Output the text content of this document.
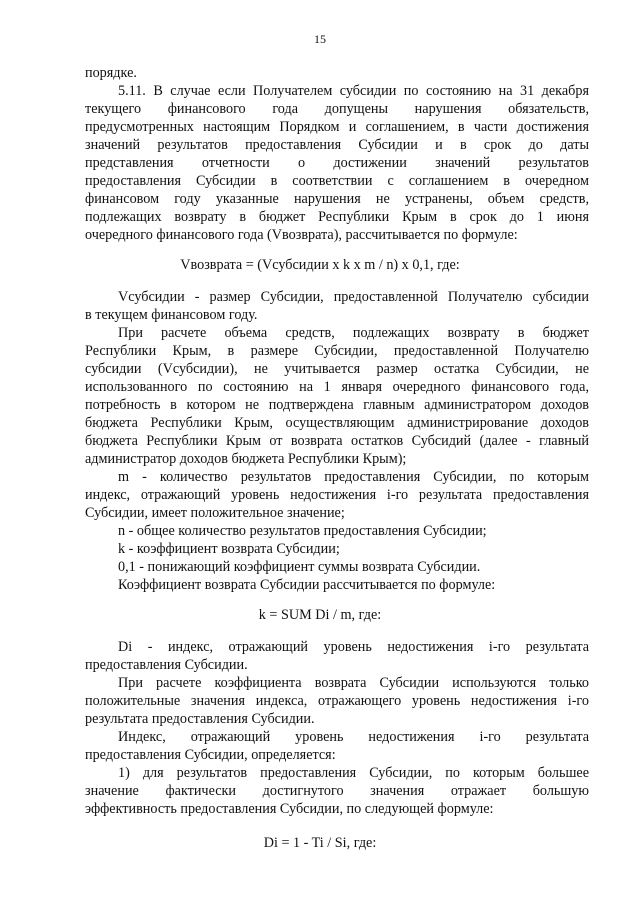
15
порядке.
5.11. В случае если Получателем субсидии по состоянию на 31 декабря
текущего финансового года допущены нарушения обязательств,
предусмотренных настоящим Порядком и соглашением, в части достижения
значений результатов предоставления Субсидии и в срок до даты
представления отчетности о достижении значений результатов
предоставления Субсидии в соответствии с соглашением в очередном
финансовом году указанные нарушения не устранены, объем средств,
подлежащих возврату в бюджет Республики Крым в срок до 1 июня
очередного финансового года (Vвозврата), рассчитывается по формуле:
Vвозврата = (Vсубсидии x k x m / n) x 0,1, где:
Vсубсидии - размер Субсидии, предоставленной Получателю субсидии
в текущем финансовом году.
При расчете объема средств, подлежащих возврату в бюджет
Республики Крым, в размере Субсидии, предоставленной Получателю
субсидии (Vсубсидии), не учитывается размер остатка Субсидии, не
использованного по состоянию на 1 января очередного финансового года,
потребность в котором не подтверждена главным администратором доходов
бюджета Республики Крым, осуществляющим администрирование доходов
бюджета Республики Крым от возврата остатков Субсидий (далее - главный
администратор доходов бюджета Республики Крым);
m - количество результатов предоставления Субсидии, по которым
индекс, отражающий уровень недостижения i-го результата предоставления
Субсидии, имеет положительное значение;
n - общее количество результатов предоставления Субсидии;
k - коэффициент возврата Субсидии;
0,1 - понижающий коэффициент суммы возврата Субсидии.
Коэффициент возврата Субсидии рассчитывается по формуле:
k = SUM Di / m, где:
Di - индекс, отражающий уровень недостижения i-го результата
предоставления Субсидии.
При расчете коэффициента возврата Субсидии используются только
положительные значения индекса, отражающего уровень недостижения i-го
результата предоставления Субсидии.
Индекс, отражающий уровень недостижения i-го результата
предоставления Субсидии, определяется:
1) для результатов предоставления Субсидии, по которым большее
значение фактически достигнутого значения отражает большую
эффективность предоставления Субсидии, по следующей формуле:
Di = 1 - Ti / Si, где:
